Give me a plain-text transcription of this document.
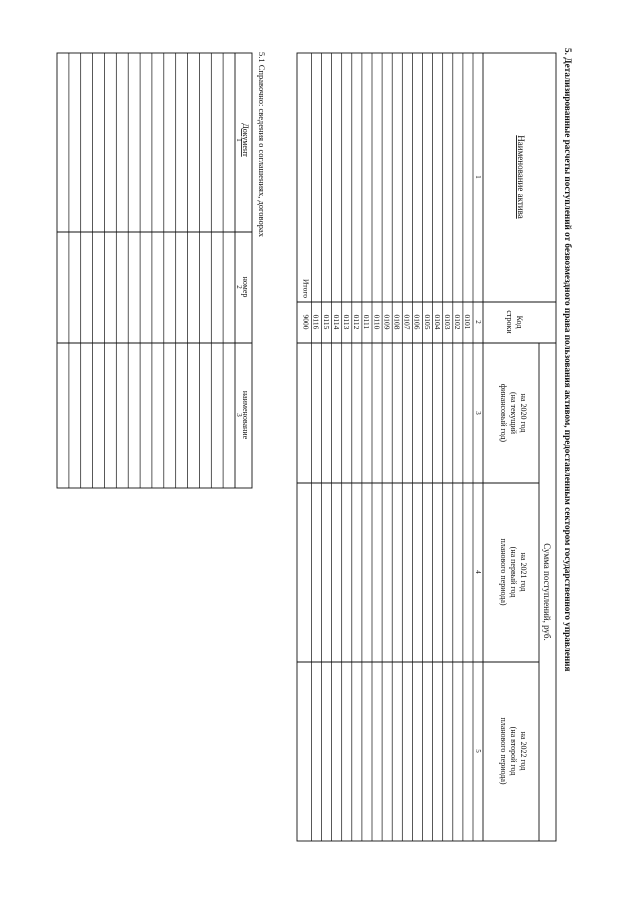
5. Детализированные расчеты поступлений от безвозмездного права пользования активом, предоставленным сектором государственного управления
Наименование актива
Код
строки
Сумма поступлений, руб.
на 2020 год
(на текущий
финансовый год)
на 2021 год
(на первый год
планового периода)
на 2022 год
(на второй год
планового периода)
1
2
3
4
5
0101
0102
0103
0104
0105
0106
0107
0108
0109
0110
0111
0112
0113
0114
0115
0116
Итого
9000
5.1 Справочно: сведения о соглашениях, договорах
Документ
номер
наименование
1
2
3
